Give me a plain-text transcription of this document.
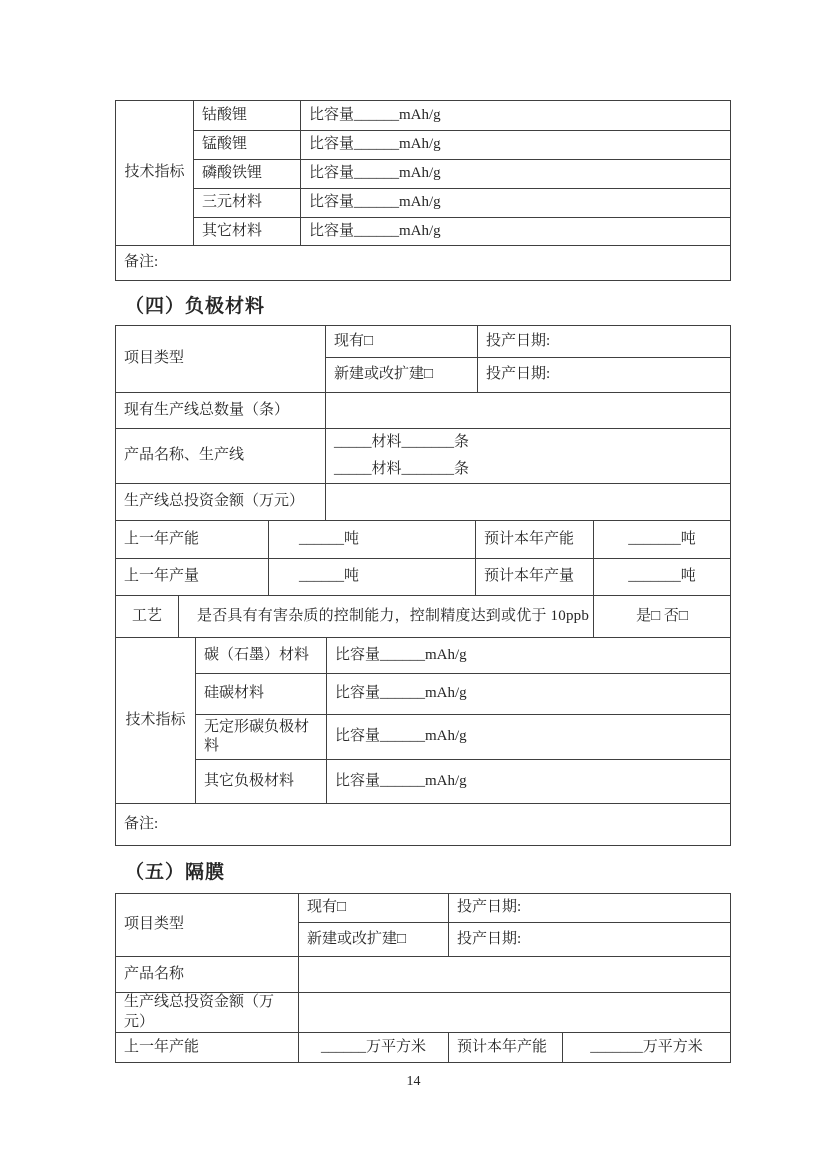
技术指标	钴酸锂	比容量______mAh/g
	锰酸锂	比容量______mAh/g
	磷酸铁锂	比容量______mAh/g
	三元材料	比容量______mAh/g
	其它材料	比容量______mAh/g
备注:
（四）负极材料
项目类型	现有□	投产日期:
	新建或改扩建□	投产日期:
现有生产线总数量（条）	
产品名称、生产线	_____材料_______条
_____材料_______条

生产线总投资金额（万元）	
上一年产能	______吨	预计本年产能	_______吨
上一年产量	______吨	预计本年产量	_______吨
工艺	是否具有有害杂质的控制能力，控制精度达到或优于 10ppb	是□ 否□
技术指标	碳（石墨）材料	比容量______mAh/g
	硅碳材料	比容量______mAh/g
	无定形碳负极材料	比容量______mAh/g
	其它负极材料	比容量______mAh/g
备注:
（五）隔膜
项目类型	现有□	投产日期:
	新建或改扩建□	投产日期:
产品名称	
生产线总投资金额（万元）	
上一年产能	______万平方米	预计本年产能	_______万平方米
14
